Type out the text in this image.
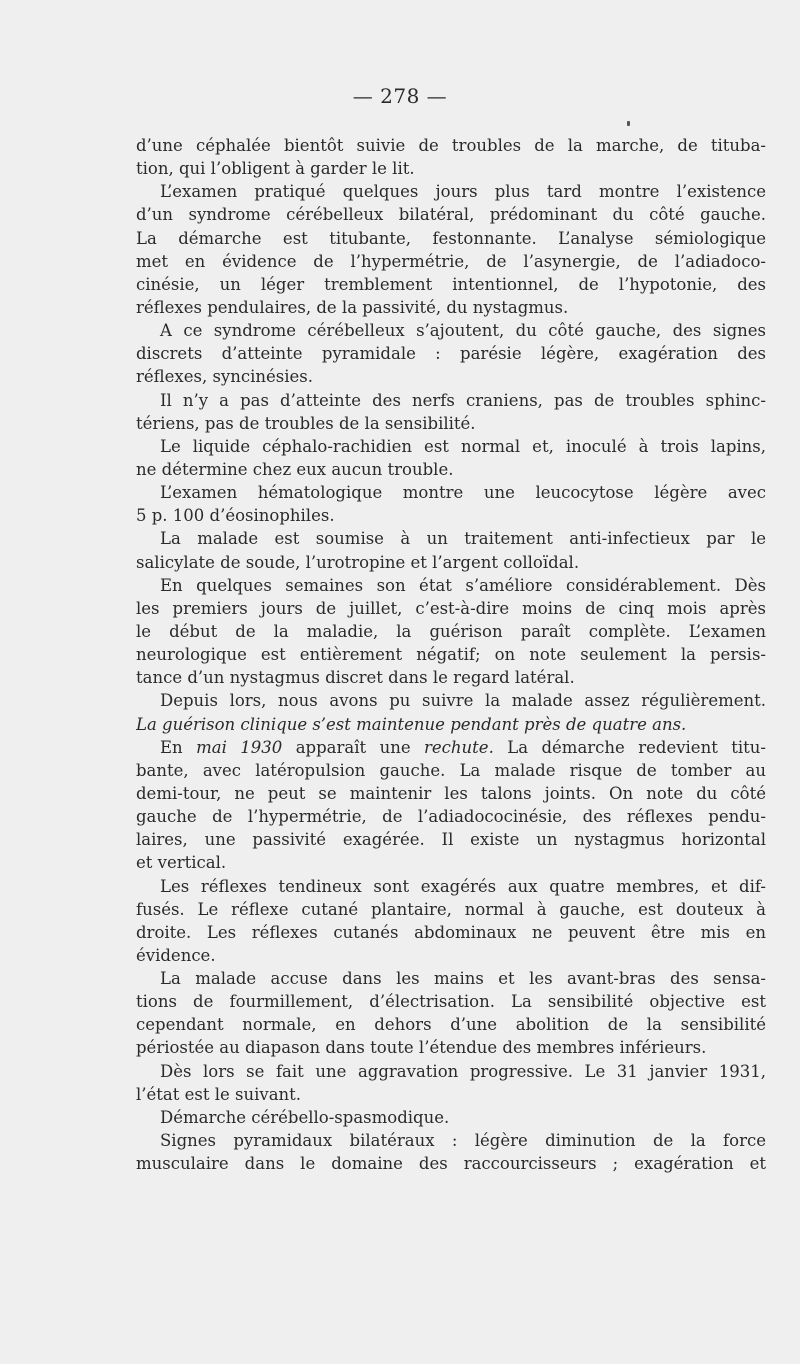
— 278 —
d’une céphalée bientôt suivie de troubles de la marche, de tituba-
tion, qui l’obligent à garder le lit.
L’examen pratiqué quelques jours plus tard montre l’existence
d’un syndrome cérébelleux bilatéral, prédominant du côté gauche.
La démarche est titubante, festonnante. L’analyse sémiologique
met en évidence de l’hypermétrie, de l’asynergie, de l’adiadoco-
cinésie, un léger tremblement intentionnel, de l’hypotonie, des
réflexes pendulaires, de la passivité, du nystagmus.
A ce syndrome cérébelleux s’ajoutent, du côté gauche, des signes
discrets d’atteinte pyramidale : parésie légère, exagération des
réflexes, syncinésies.
Il n’y a pas d’atteinte des nerfs craniens, pas de troubles sphinc-
tériens, pas de troubles de la sensibilité.
Le liquide céphalo-rachidien est normal et, inoculé à trois lapins,
ne détermine chez eux aucun trouble.
L’examen hématologique montre une leucocytose légère avec
5 p. 100 d’éosinophiles.
La malade est soumise à un traitement anti-infectieux par le
salicylate de soude, l’urotropine et l’argent colloïdal.
En quelques semaines son état s’améliore considérablement. Dès
les premiers jours de juillet, c’est-à-dire moins de cinq mois après
le début de la maladie, la guérison paraît complète. L’examen
neurologique est entièrement négatif; on note seulement la persis-
tance d’un nystagmus discret dans le regard latéral.
Depuis lors, nous avons pu suivre la malade assez régulièrement.
La guérison clinique s’est maintenue pendant près de quatre ans.
En mai 1930 apparaît une rechute. La démarche redevient titu-
bante, avec latéropulsion gauche. La malade risque de tomber au
demi-tour, ne peut se maintenir les talons joints. On note du côté
gauche de l’hypermétrie, de l’adiadococinésie, des réflexes pendu-
laires, une passivité exagérée. Il existe un nystagmus horizontal
et vertical.
Les réflexes tendineux sont exagérés aux quatre membres, et dif-
fusés. Le réflexe cutané plantaire, normal à gauche, est douteux à
droite. Les réflexes cutanés abdominaux ne peuvent être mis en
évidence.
La malade accuse dans les mains et les avant-bras des sensa-
tions de fourmillement, d’électrisation. La sensibilité objective est
cependant normale, en dehors d’une abolition de la sensibilité
périostée au diapason dans toute l’étendue des membres inférieurs.
Dès lors se fait une aggravation progressive. Le 31 janvier 1931,
l’état est le suivant.
Démarche cérébello-spasmodique.
Signes pyramidaux bilatéraux : légère diminution de la force
musculaire dans le domaine des raccourcisseurs ; exagération et
